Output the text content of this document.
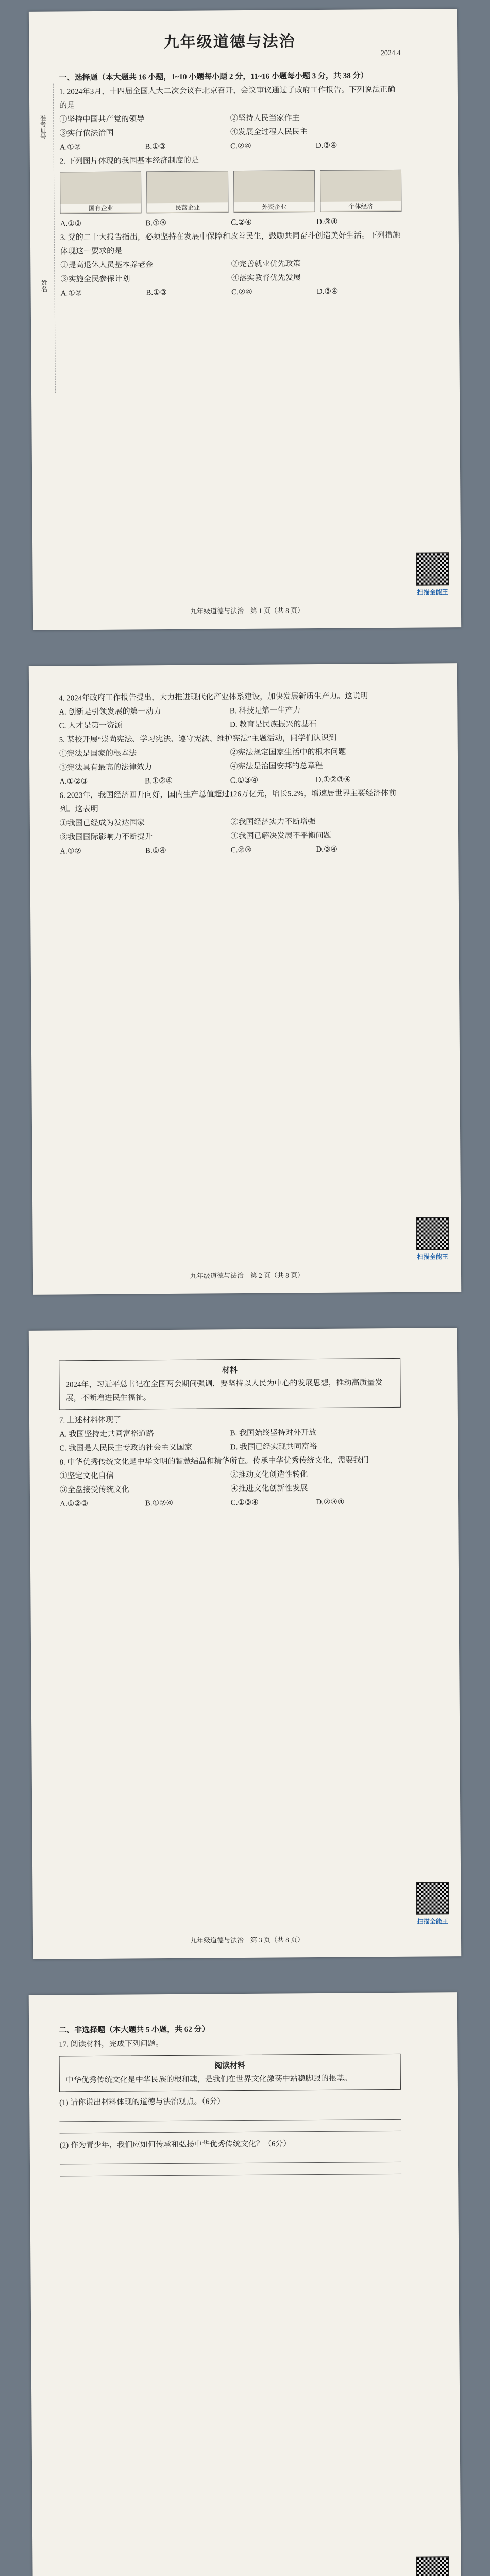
准考证号
姓名
九年级道德与法治
2024.4

一、选择题（本大题共 16 小题，1~10 小题每小题 2 分，11~16 小题每小题 3 分，共 38 分）

1. 2024年3月，十四届全国人大二次会议在北京召开，会议审议通过了政府工作报告。下列说法正确的是

①坚持中国共产党的领导	②坚持人民当家作主
③实行依法治国	④发展全过程人民民主
A.①②	B.①③	C.②④	D.③④

2. 下列图片体现的我国基本经济制度的是

国有企业	民营企业	外资企业	个体经济
A.①②	B.①③	C.②④	D.③④

3. 党的二十大报告指出，必须坚持在发展中保障和改善民生，鼓励共同奋斗创造美好生活。下列措施体现这一要求的是

①提高退休人员基本养老金	②完善就业优先政策
③实施全民参保计划	④落实教育优先发展
A.①②	B.①③	C.②④	D.③④
九年级道德与法治　 第 1 页（共 8 页）
扫描全能王

4. 2024年政府工作报告提出，大力推进现代化产业体系建设，加快发展新质生产力。这说明

A. 创新是引领发展的第一动力	B. 科技是第一生产力
C. 人才是第一资源	D. 教育是民族振兴的基石

5. 某校开展“崇尚宪法、学习宪法、遵守宪法、维护宪法”主题活动，同学们认识到

①宪法是国家的根本法	②宪法规定国家生活中的根本问题
③宪法具有最高的法律效力	④宪法是治国安邦的总章程
A.①②③	B.①②④	C.①③④	D.①②③④

6. 2023年，我国经济回升向好，国内生产总值超过126万亿元，增长5.2%，增速居世界主要经济体前列。这表明

①我国已经成为发达国家	②我国经济实力不断增强
③我国国际影响力不断提升	④我国已解决发展不平衡问题
A.①②	B.①④	C.②③	D.③④
九年级道德与法治　 第 2 页（共 8 页）
扫描全能王
材料
2024年，习近平总书记在全国两会期间强调，要坚持以人民为中心的发展思想，推动高质量发展，不断增进民生福祉。

7. 上述材料体现了

A. 我国坚持走共同富裕道路	B. 我国始终坚持对外开放
C. 我国是人民民主专政的社会主义国家	D. 我国已经实现共同富裕

8. 中华优秀传统文化是中华文明的智慧结晶和精华所在。传承中华优秀传统文化，需要我们

①坚定文化自信	②推动文化创造性转化
③全盘接受传统文化	④推进文化创新性发展
A.①②③	B.①②④	C.①③④	D.②③④
九年级道德与法治　 第 3 页（共 8 页）
扫描全能王

二、非选择题（本大题共 5 小题，共 62 分）

17. 阅读材料，完成下列问题。

阅读材料
中华优秀传统文化是中华民族的根和魂，是我们在世界文化激荡中站稳脚跟的根基。

(1) 请你说出材料体现的道德与法治观点。（6分）

(2) 作为青少年，我们应如何传承和弘扬中华优秀传统文化？（6分）
